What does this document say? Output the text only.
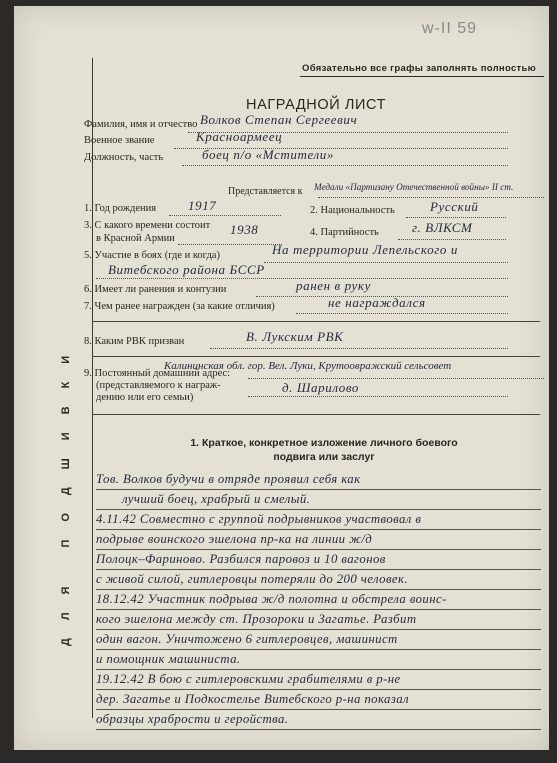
w-II 59
ДЛЯ ПОДШИВКИ
Обязательно все графы заполнять полностью
НАГРАДНОЙ ЛИСТ
Фамилия, имя и отчество Волков Степан Сергеевич
Военное звание	Красноармеец
Должность, часть	боец п/о «Мстители»
Представляется к Медали «Партизану Отечественной войны» II ст.
1. Год рождения 1917	2. Национальность	Русский
3. С какого времени состоит
в Красной Армии
1938	4. Партийность	г. ВЛКСМ
5. Участие в боях (где и когда)	На территории Лепельского и
Витебского района БССР
6. Имеет ли ранения и контузии	ранен в руку
7. Чем ранее награжден (за какие отличия)	не награждался
8. Каким РВК призван	В. Лукским РВК
9. Постоянный домашний адрес:
(представляемого к награж-
дению или его семьи)
Калининская обл. гор. Вел. Луки, Крутоовражский сельсовет
д. Шарилово
1. Краткое, конкретное изложение личного боевого
подвига или заслуг
Тов. Волков будучи в отряде проявил себя как
лучший боец, храбрый и смелый.
4.11.42 Совместно с группой подрывников участвовал в
подрыве воинского эшелона пр-ка на линии ж/д
Полоцк–Фариново. Разбился паровоз и 10 вагонов
с живой силой, гитлеровцы потеряли до 200 человек.
18.12.42 Участник подрыва ж/д полотна и обстрела воинс-
кого эшелона между ст. Прозороки и Загатье. Разбит
один вагон. Уничтожено 6 гитлеровцев, машинист
и помощник машиниста.
19.12.42 В бою с гитлеровскими грабителями в р-не
дер. Загатье и Подкостелье Витебского р-на показал
образцы храбрости и геройства.
